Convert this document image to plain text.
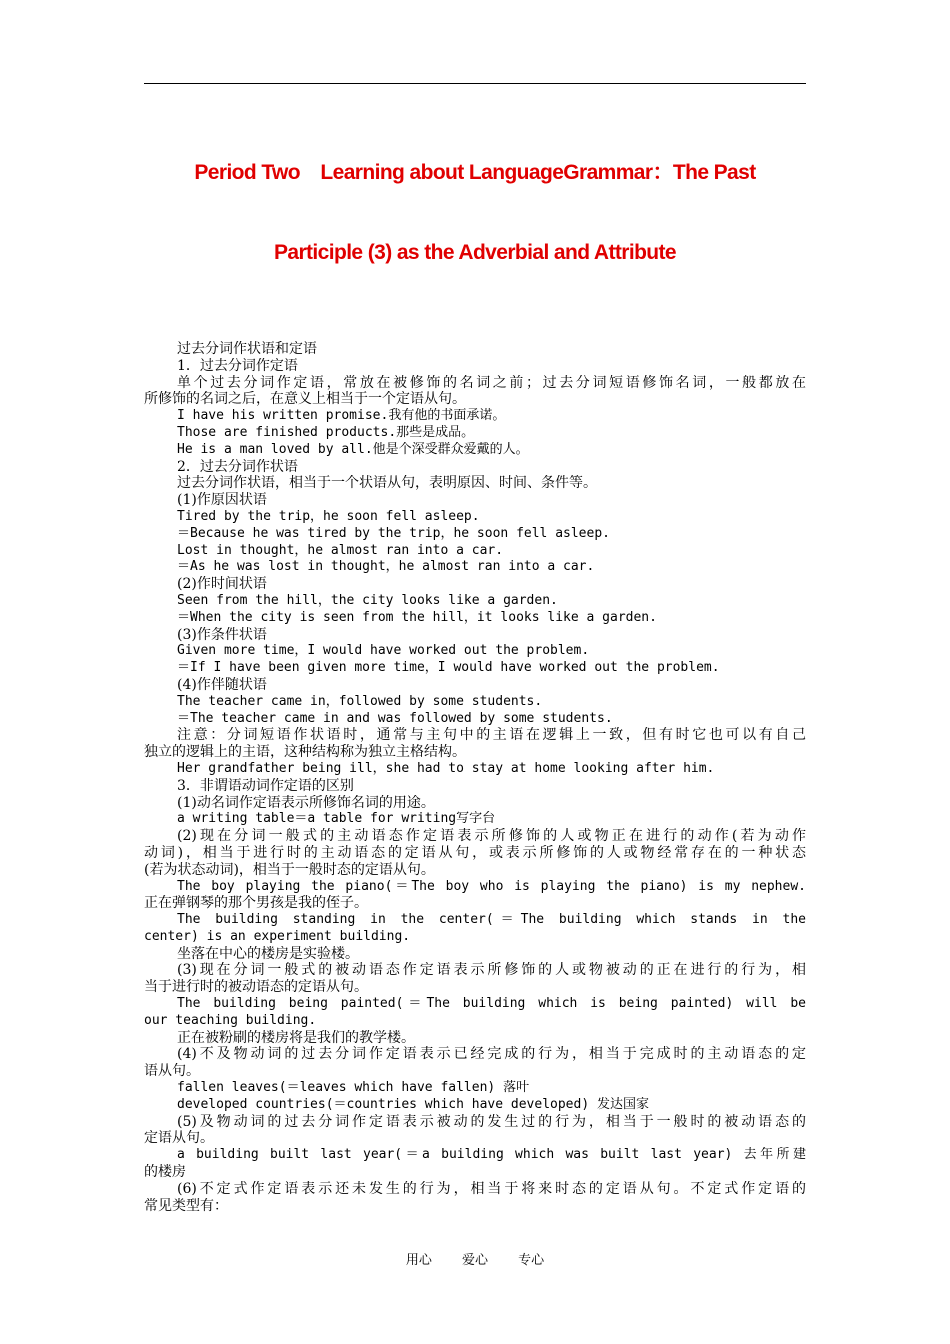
Period Two　Learning about LanguageGrammar：The Past
Participle (3) as the Adverbial and Attribute
过去分词作状语和定语
1．过去分词作定语
单个过去分词作定语，常放在被修饰的名词之前；过去分词短语修饰名词，一般都放在
所修饰的名词之后，在意义上相当于一个定语从句。
I have his written promise.我有他的书面承诺。
Those are finished products.那些是成品。
He is a man loved by all.他是个深受群众爱戴的人。
2．过去分词作状语
过去分词作状语，相当于一个状语从句，表明原因、时间、条件等。
(1)作原因状语
Tired by the trip，he soon fell asleep.
＝Because he was tired by the trip，he soon fell asleep.
Lost in thought，he almost ran into a car.
＝As he was lost in thought，he almost ran into a car.
(2)作时间状语
Seen from the hill，the city looks like a garden.
＝When the city is seen from the hill，it looks like a garden.
(3)作条件状语
Given more time，I would have worked out the problem.
＝If I have been given more time，I would have worked out the problem.
(4)作伴随状语
The teacher came in，followed by some students.
＝The teacher came in and was followed by some students.
注意：分词短语作状语时，通常与主句中的主语在逻辑上一致，但有时它也可以有自己
独立的逻辑上的主语，这种结构称为独立主格结构。
Her grandfather being ill，she had to stay at home looking after him.
3．非谓语动词作定语的区别
(1)动名词作定语表示所修饰名词的用途。
a writing table＝a table for writing写字台
(2)现在分词一般式的主动语态作定语表示所修饰的人或物正在进行的动作(若为动作
动词)，相当于进行时的主动语态的定语从句，或表示所修饰的人或物经常存在的一种状态
(若为状态动词)，相当于一般时态的定语从句。
The boy playing the piano(＝The boy who is playing the piano) is my nephew.
正在弹钢琴的那个男孩是我的侄子。
The building standing in the center(＝The building which stands in the
center) is an experiment building.
坐落在中心的楼房是实验楼。
(3)现在分词一般式的被动语态作定语表示所修饰的人或物被动的正在进行的行为，相
当于进行时的被动语态的定语从句。
The building being painted(＝The building which is being painted) will be
our teaching building.
正在被粉刷的楼房将是我们的教学楼。
(4)不及物动词的过去分词作定语表示已经完成的行为，相当于完成时的主动语态的定
语从句。
fallen leaves(＝leaves which have fallen) 落叶
developed countries(＝countries which have developed) 发达国家
(5)及物动词的过去分词作定语表示被动的发生过的行为，相当于一般时的被动语态的
定语从句。
a building built last year(＝a building which was built last year) 去年所建
的楼房
(6)不定式作定语表示还未发生的行为，相当于将来时态的定语从句。不定式作定语的
常见类型有：
用心 爱心 专心
